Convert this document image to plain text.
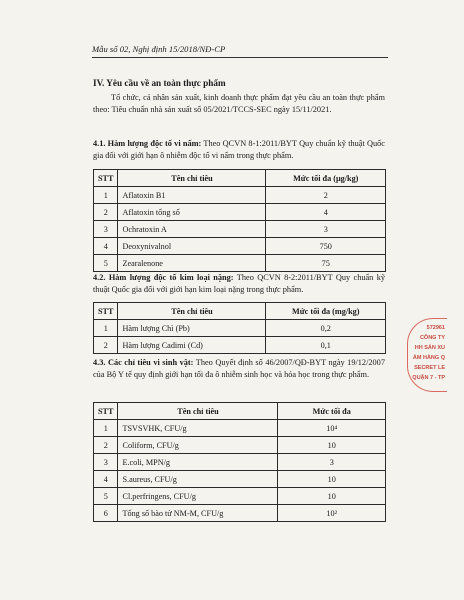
Mẫu số 02, Nghị định 15/2018/NĐ-CP
IV. Yêu cầu về an toàn thực phẩm
Tổ chức, cá nhân sản xuất, kinh doanh thực phẩm đạt yêu cầu an toàn thực phẩm theo: Tiêu chuẩn nhà sản xuất số 05/2021/TCCS-SEC ngày 15/11/2021.
4.1. Hàm lượng độc tố vi nấm: Theo QCVN 8-1:2011/BYT Quy chuẩn kỹ thuật Quốc gia đối với giới hạn ô nhiễm độc tố vi nấm trong thực phẩm.
STT	Tên chỉ tiêu	Mức tối đa (µg/kg)
1	Aflatoxin B1	2
2	Aflatoxin tổng số	4
3	Ochratoxin A	3
4	Deoxynivalnol	750
5	Zearalenone	75
4.2. Hàm lượng độc tố kim loại nặng: Theo QCVN 8-2:2011/BYT Quy chuẩn kỹ thuật Quốc gia đối với giới hạn kim loại nặng trong thực phẩm.
STT	Tên chỉ tiêu	Mức tối đa (mg/kg)
1	Hàm lượng Chì (Pb)	0,2
2	Hàm lượng Cadimi (Cd)	0,1
4.3. Các chỉ tiêu vi sinh vật: Theo Quyết định số 46/2007/QĐ-BYT ngày 19/12/2007 của Bộ Y tế quy định giới hạn tối đa ô nhiễm sinh học và hóa học trong thực phẩm.
STT	Tên chỉ tiêu	Mức tối đa
1	TSVSVHK, CFU/g	10⁴
2	Coliform, CFU/g	10
3	E.coli, MPN/g	3
4	S.aureus, CFU/g	10
5	Cl.perfringens, CFU/g	10
6	Tổng số bào tử NM-M, CFU/g	10²
572961
CÔNG TY
HH SẢN XU
ẢM HÀNG Q
SECRET LE
QUẬN 7 - TP
